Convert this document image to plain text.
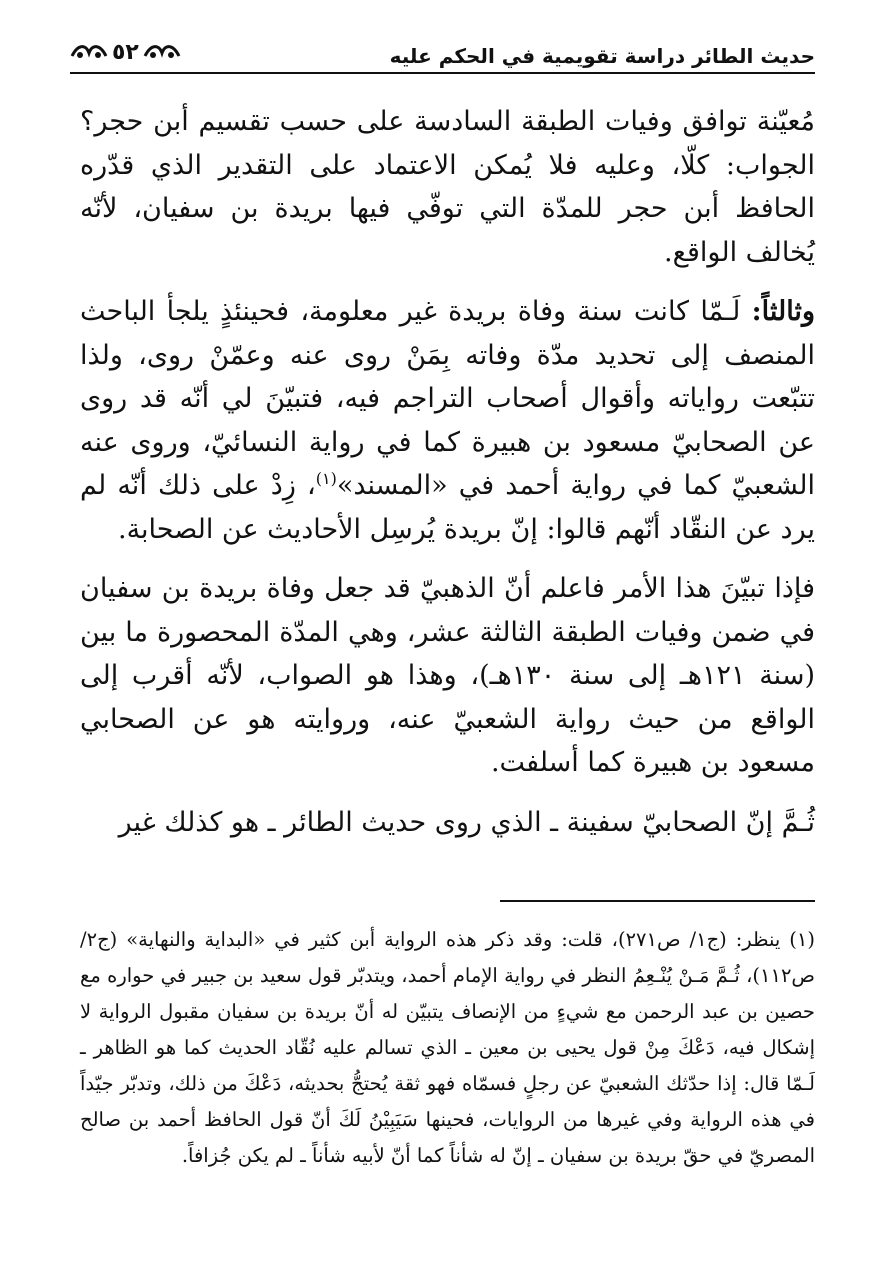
حديث الطائر دراسة تقويمية في الحكم عليه
٥٢

مُعيّنة توافق وفيات الطبقة السادسة على حسب تقسيم أبن حجر؟ الجواب: كلّا، وعليه فلا يُمكن الاعتماد على التقدير الذي قدّره الحافظ أبن حجر للمدّة التي توفّي فيها بريدة بن سفيان، لأنّه يُخالف الواقع.

وثالثاً: لَـمّا كانت سنة وفاة بريدة غير معلومة، فحينئذٍ يلجأ الباحث المنصف إلى تحديد مدّة وفاته بِمَنْ روى عنه وعمّنْ روى، ولذا تتبّعت رواياته وأقوال أصحاب التراجم فيه، فتبيّنَ لي أنّه قد روى عن الصحابيّ مسعود بن هبيرة كما في رواية النسائيّ، وروى عنه الشعبيّ كما في رواية أحمد في «المسند»$^{(١)}$، زِدْ على ذلك أنّه لم يرد عن النقّاد أنّهم قالوا: إنّ بريدة يُرسِل الأحاديث عن الصحابة.

فإذا تبيّنَ هذا الأمر فاعلم أنّ الذهبيّ قد جعل وفاة بريدة بن سفيان في ضمن وفيات الطبقة الثالثة عشر، وهي المدّة المحصورة ما بين (سنة ١٢١هـ إلى سنة ١٣٠هـ)، وهذا هو الصواب، لأنّه أقرب إلى الواقع من حيث رواية الشعبيّ عنه، وروايته هو عن الصحابي مسعود بن هبيرة كما أسلفت.

ثُـمَّ إنّ الصحابيّ سفينة ـ الذي روى حديث الطائر ـ هو كذلك غير

(١) ينظر: (ج١/ ص٢٧١)، قلت: وقد ذكر هذه الرواية أبن كثير في «البداية والنهاية» (ج٢/ ص١١٢)، ثُـمَّ مَـنْ يُنْـعِمُ النظر في رواية الإمام أحمد، ويتدبّر قول سعيد بن جبير في حواره مع حصين بن عبد الرحمن مع شيءٍ من الإنصاف يتبيّن له أنّ بريدة بن سفيان مقبول الرواية لا إشكال فيه، دَعْكَ مِنْ قول يحيى بن معين ـ الذي تسالم عليه نُقّاد الحديث كما هو الظاهر ـ لَـمّا قال: إذا حدّثك الشعبيّ عن رجلٍ فسمّاه فهو ثقة يُحتجُّ بحديثه، دَعْكَ من ذلك، وتدبّر جيّداً في هذه الرواية وفي غيرها من الروايات، فحينها سَيَبِيْنُ لَكَ أنّ قول الحافظ أحمد بن صالح المصريّ في حقّ بريدة بن سفيان ـ إنّ له شأناً كما أنّ لأبيه شأناً ـ لم يكن جُزافاً.
